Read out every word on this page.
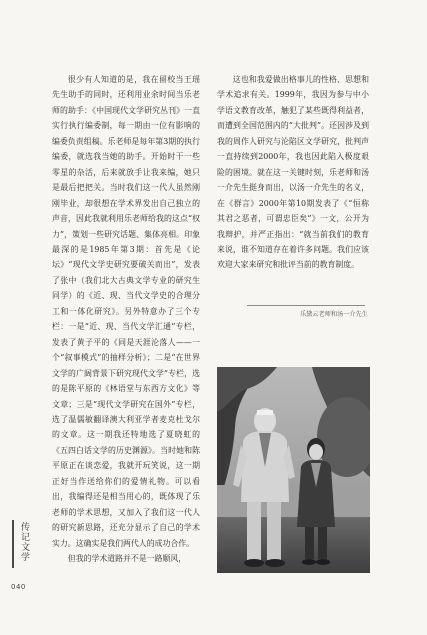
传记文学
040

很少有人知道的是，我在留校当王瑶先生助手的同时，还利用业余时间当乐老师的助手：《中国现代文学研究丛刊》一直实行执行编委制，每一期由一位有影响的编委负责组稿。乐老师是每年第3期的执行编委，就选我当她的助手。开始时干一些零星的杂活，后来就放手让我来编，她只是最后把把关。当时我们这一代人虽然刚刚毕业，却很想在学术界发出自己独立的声音，因此我就利用乐老师给我的这点“权力”，策划一些研究话题、集体亮相。印象最深的是1985年第3期：首先是《论坛》“现代文学史研究要破关而出”，发表了张中（我们北大古典文学专业的研究生同学）的《近、现、当代文学史的合理分工和一体化研究》。另外特意办了三个专栏：一是“近、现、当代文学汇通”专栏，发表了黄子平的《同是天涯沦落人——一个“叙事模式”的抽样分析》；二是“在世界文学的广阔背景下研究现代文学”专栏，选的是陈平原的《林语堂与东西方文化》等文章；三是“现代文学研究在国外”专栏，选了温儒敏翻译澳大利亚学者麦克杜戈尔的文章。这一期我还特地选了夏晓虹的《五四白话文学的历史渊源》。当时她和陈平原正在谈恋爱，我就开玩笑说，这一期正好当作送给你们的爱情礼物。可以看出，我编得还是相当用心的，既体现了乐老师的学术思想，又加入了我们这一代人的研究新思路，还充分显示了自己的学术实力。这确实是我们两代人的成功合作。

但我的学术道路并不是一路顺风，

这也和我爱做出格事儿的性格、思想和学术追求有关。1999年，我因为参与中小学语文教育改革，触犯了某些既得利益者，而遭到全国范围内的“大批判”。还因涉及到我的周作人研究与沦陷区文学研究，批判声一直持续到2000年，我也因此陷入极度艰险的困境。就在这一关键时刻，乐老师和汤一介先生挺身而出，以汤一介先生的名义，在《群言》2000年第10期发表了《“恒称其君之恶者，可谓忠臣矣”》一文，公开为我辩护，并严正指出：“就当前我们的教育来说，谁不知道存在着许多问题。我们应该欢迎大家来研究和批评当前的教育制度。

乐黛云老师和汤一介先生
